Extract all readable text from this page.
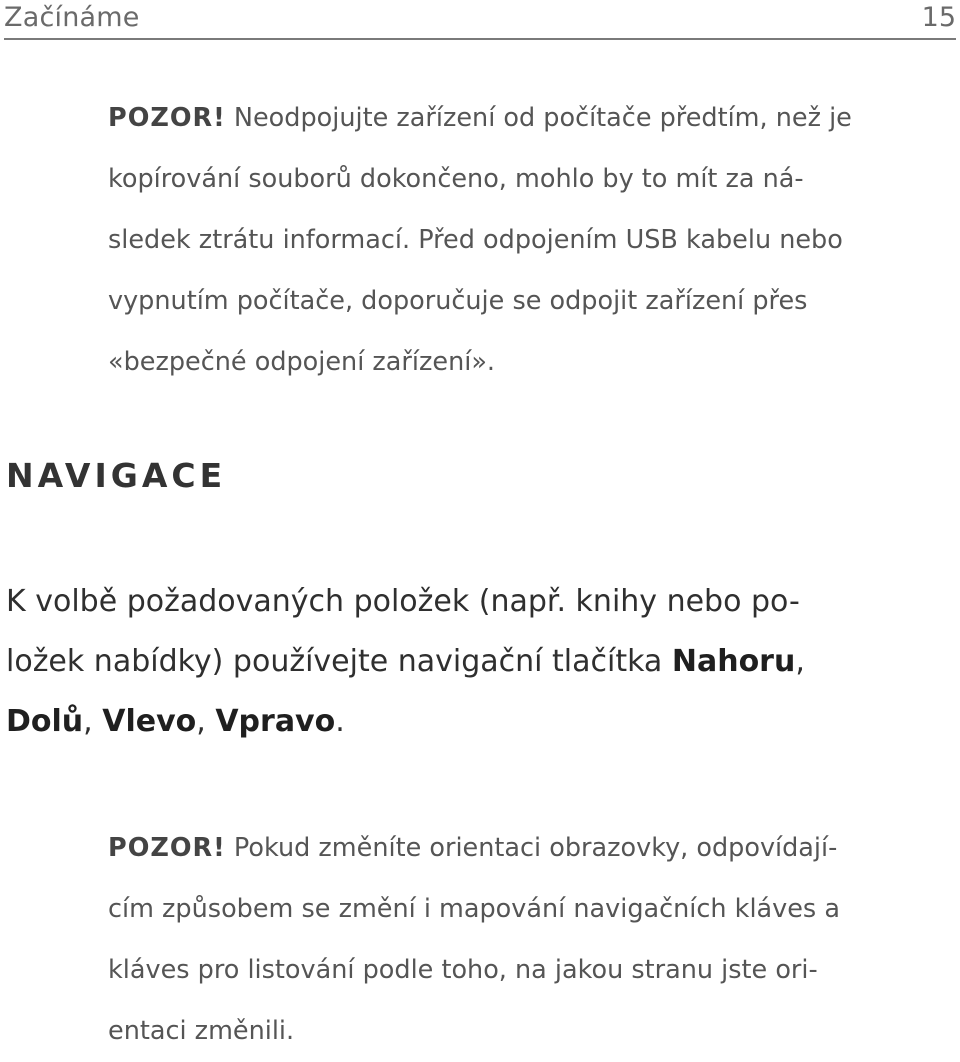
Začínáme	15

POZOR! Neodpojujte zařízení od počítače předtím, než je
kopírování souborů dokončeno, mohlo by to mít za ná-
sledek ztrátu informací. Před odpojením USB kabelu nebo
vypnutím počítače, doporučuje se odpojit zařízení přes
«bezpečné odpojení zařízení».

NAVIGACE

K volbě požadovaných položek (např. knihy nebo po-
ložek nabídky) používejte navigační tlačítka Nahoru,
Dolů, Vlevo, Vpravo.

POZOR! Pokud změníte orientaci obrazovky, odpovídají-
cím způsobem se změní i mapování navigačních kláves a
kláves pro listování podle toho, na jakou stranu jste ori-
entaci změnili.
